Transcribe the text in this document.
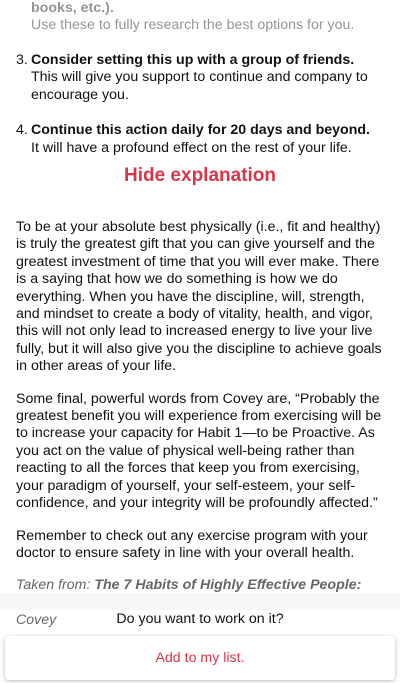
books, etc.).
Use these to fully research the best options for you.
3. Consider setting this up with a group of friends.
This will give you support to continue and company to encourage you.
4. Continue this action daily for 20 days and beyond.
It will have a profound effect on the rest of your life.
Hide explanation

To be at your absolute best physically (i.e., fit and healthy) is truly the greatest gift that you can give yourself and the greatest investment of time that you will ever make. There is a saying that how we do something is how we do everything. When you have the discipline, will, strength, and mindset to create a body of vitality, health, and vigor, this will not only lead to increased energy to live your live fully, but it will also give you the discipline to achieve goals in other areas of your life.

Some final, powerful words from Covey are, “Probably the greatest benefit you will experience from exercising will be to increase your capacity for Habit 1—to be Proactive. As you act on the value of physical well-being rather than reacting to all the forces that keep you from exercising, your paradigm of yourself, your self-esteem, your self-confidence, and your integrity will be profoundly affected.”

Remember to check out any exercise program with your doctor to ensure safety in line with your overall health.

Taken from: The 7 Habits of Highly Effective People: Covey	Do you want to work on it?
Add to my list.
